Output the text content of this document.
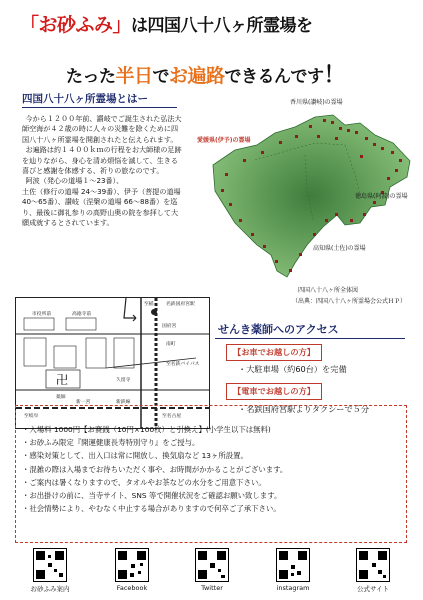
「お砂ふみ」は四国八十八ヶ所霊場を
たった半日でお遍路できるんです！
四国八十八ヶ所霊場とはー

今から１２００年前、讃岐でご誕生された弘法大師空海が４２歳の時に人々の災難を除くために四国八十八ヶ所霊場を開創されたと伝えられます。

お遍路は約１４００ｋｍの行程をお大師様の足跡を辿りながら、身心を清め煩悩を滅して、生きる喜びと感謝を体感する、祈りの旅なのです。

阿波（発心の道場１〜23番）、

土佐（修行の道場 24〜39番）、伊予（菩提の道場 40〜65番）、讃岐（涅槃の道場 66〜88番）を巡り、最後に御礼参りの高野山奥の院を参拝して大願成就するとされています。

香川県(讃岐)の霊場
愛媛県(伊予)の霊場
徳島県(阿波)の霊場
高知県(土佐)の霊場
四国八十八ヶ所全体図
（出典：四国八十八ヶ所霊場会公式ＨＰ）
卍
市役所前	高徳寺前
名鉄国府宮駅
国府宮
南町
至名鉄バイパス
薬師
新一宮
至岐阜	至名古屋
久留寺
新鉄線
至稲
せんき薬師へのアクセス
【お車でお越しの方】
・大駐車場（約60台）を完備
【電車でお越しの方】
・名鉄国府宮駅よりタクシーで５分
・入場料 1000円【お賽銭（10円×100枚）と引換え】(小学生以下は無料)
・お砂ふみ限定『開運健康長寿特別守り』をご授与。
・感染対策として、出入口は常に開放し、換気扇など 13ヶ所設置。
・混雑の際は入場までお待ちいただく事や、お時間がかかることがございます。
・ご案内は暑くなりますので、タオルやお茶などの水分をご用意下さい。
・お出掛けの前に、当寺サイト、SNS 等で開催状況をご確認お願い致します。
・社会情勢により、やむなく中止する場合がありますので何卒ご了承下さい。
お砂ふみ案内	Facebook	Twitter	instagram	公式サイト
